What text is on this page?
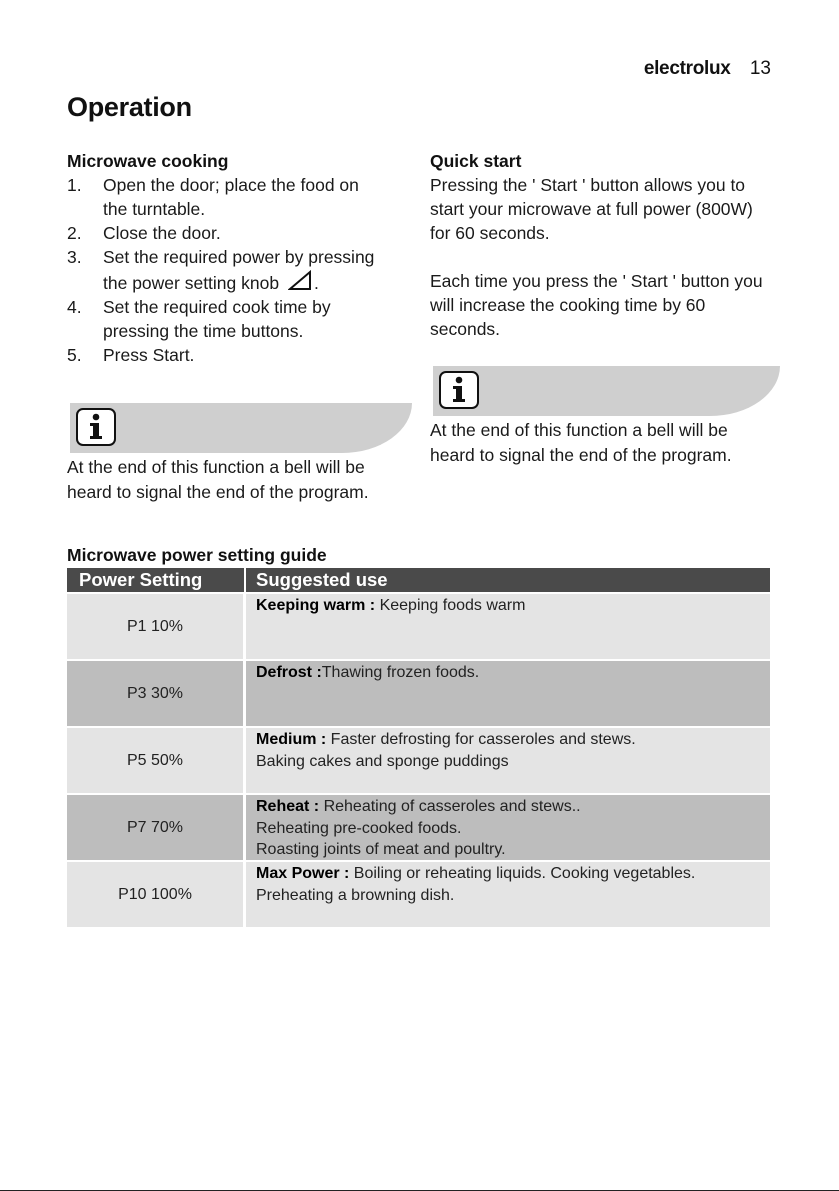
electrolux 13
Operation
Microwave cooking
1. Open the door; place the food on
the turntable.
2. Close the door.
3. Set the required power by pressing
the power setting knob .
4. Set the required cook time by
pressing the time buttons.
5. Press Start.
At the end of this function a bell will be heard to signal the end of the program.
Quick start
Pressing the ' Start ' button allows you to start your microwave at full power (800W) for 60 seconds.
Each time you press the ' Start ' button you will increase the cooking time by 60 seconds.
At the end of this function a bell will be heard to signal the end of the program.
Microwave power setting guide
Power Setting	Suggested use
P1 10%
Keeping warm : Keeping foods warm
P3 30%
Defrost :Thawing frozen foods.
P5 50%
Medium : Faster defrosting for casseroles and stews.
Baking cakes and sponge puddings
P7 70%
Reheat : Reheating of casseroles and stews..
Reheating pre-cooked foods.
Roasting joints of meat and poultry.
P10 100%
Max Power : Boiling or reheating liquids. Cooking vegetables.
Preheating a browning dish.
